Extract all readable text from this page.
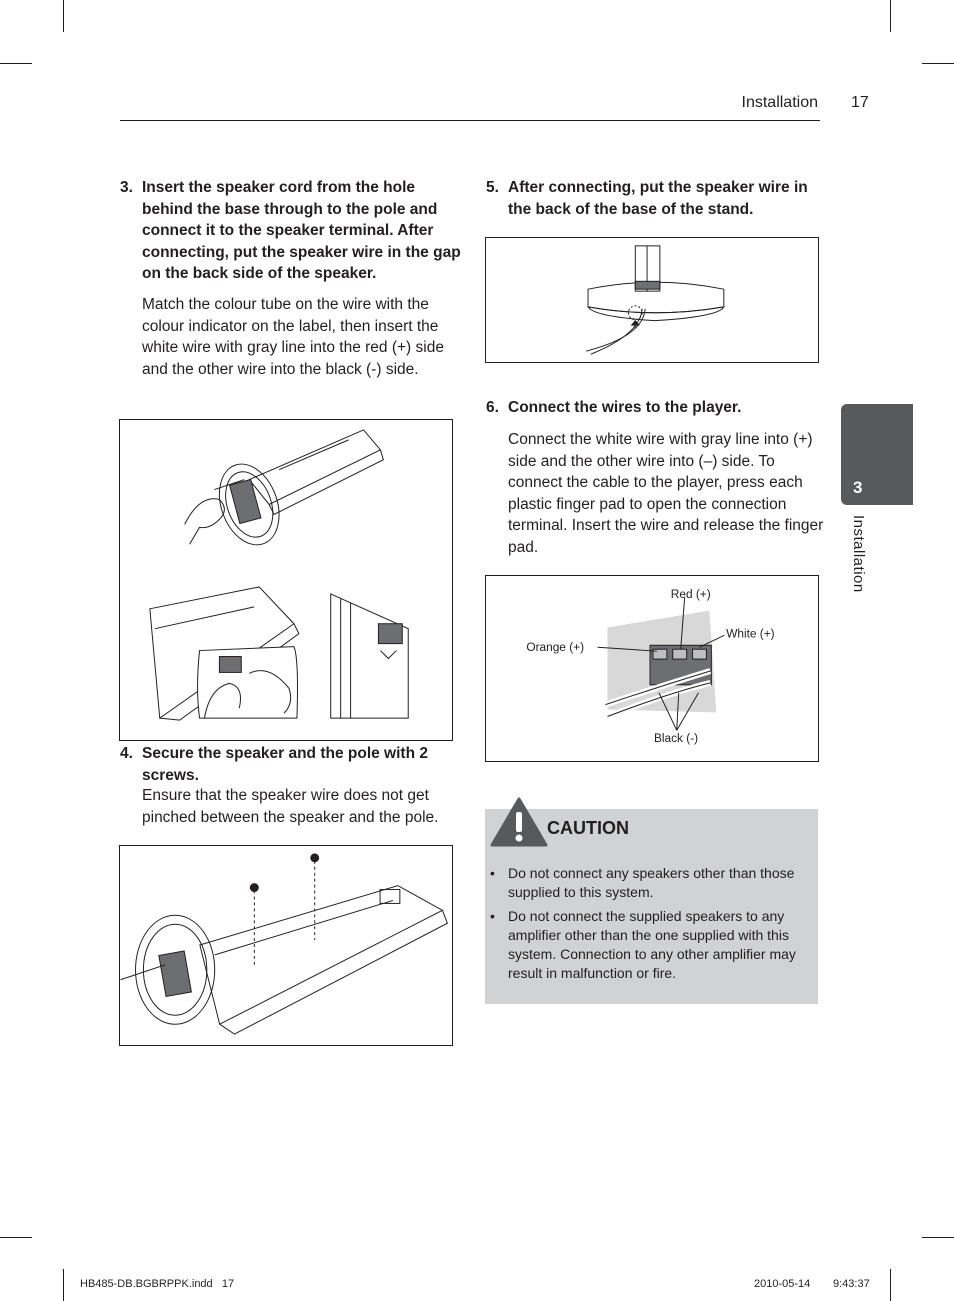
Installation 17
3
Installation
3. Insert the speaker cord from the hole behind the base through to the pole and connect it to the speaker terminal. After connecting, put the speaker wire in the gap on the back side of the speaker.
Match the colour tube on the wire with the colour indicator on the label, then insert the white wire with gray line into the red (+) side and the other wire into the black (-) side.
4. Secure the speaker and the pole with 2 screws.
Ensure that the speaker wire does not get pinched between the speaker and the pole.
5. After connecting, put the speaker wire in the back of the base of the stand.
6. Connect the wires to the player.
Connect the white wire with gray line into (+) side and the other wire into (–) side. To connect the cable to the player, press each plastic finger pad to open the connection terminal. Insert the wire and release the finger pad.
Red (+)
White (+)
Orange (+)
Black (-)
CAUTION
• Do not connect any speakers other than those supplied to this system.
• Do not connect the supplied speakers to any amplifier other than the one supplied with this system. Connection to any other amplifier may result in malfunction or fire.
HB485-DB.BGBRPPK.indd   17	2010-05-14 9:43:37
